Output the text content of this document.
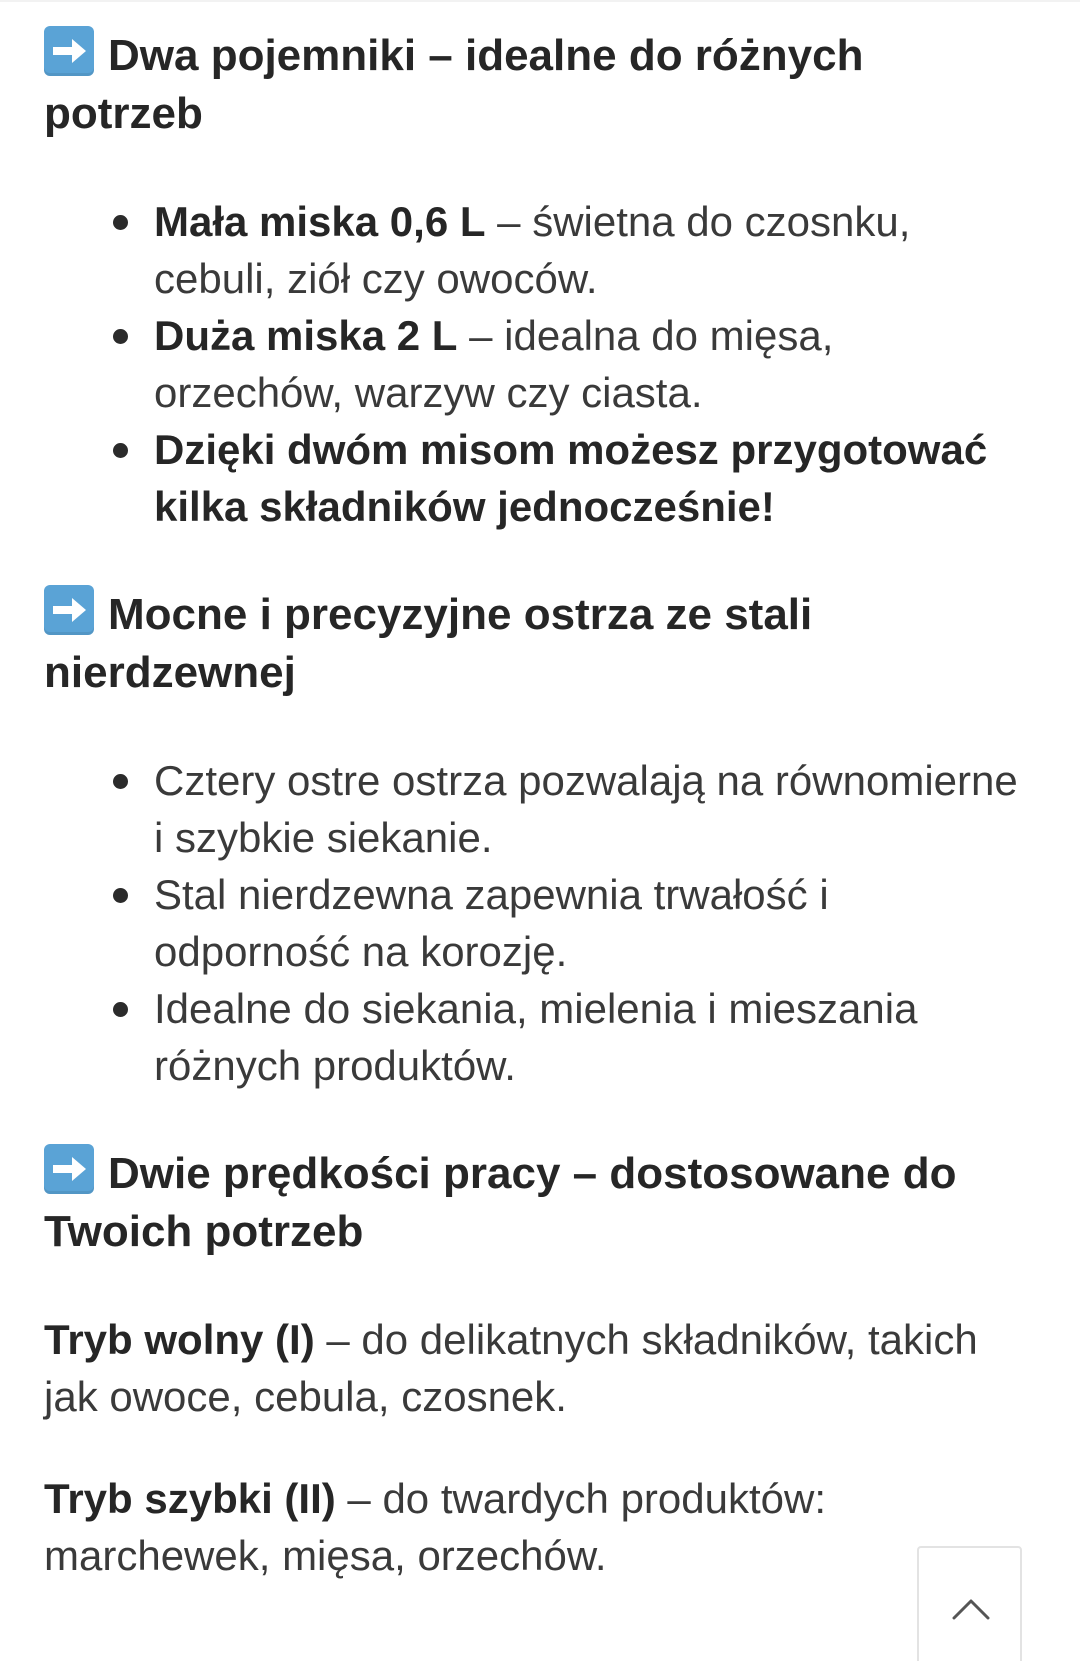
Dwa pojemniki – idealne do różnych potrzeb
Mała miska 0,6 L – świetna do czosnku, cebuli, ziół czy owoców.
Duża miska 2 L – idealna do mięsa, orzechów, warzyw czy ciasta.
Dzięki dwóm misom możesz przygotować kilka składników jednocześnie!
Mocne i precyzyjne ostrza ze stali nierdzewnej
Cztery ostre ostrza pozwalają na równomierne i szybkie siekanie.
Stal nierdzewna zapewnia trwałość i odporność na korozję.
Idealne do siekania, mielenia i mieszania różnych produktów.
Dwie prędkości pracy – dostosowane do Twoich potrzeb

Tryb wolny (I) – do delikatnych składników, takich jak owoce, cebula, czosnek.

Tryb szybki (II) – do twardych produktów: marchewek, mięsa, orzechów.
